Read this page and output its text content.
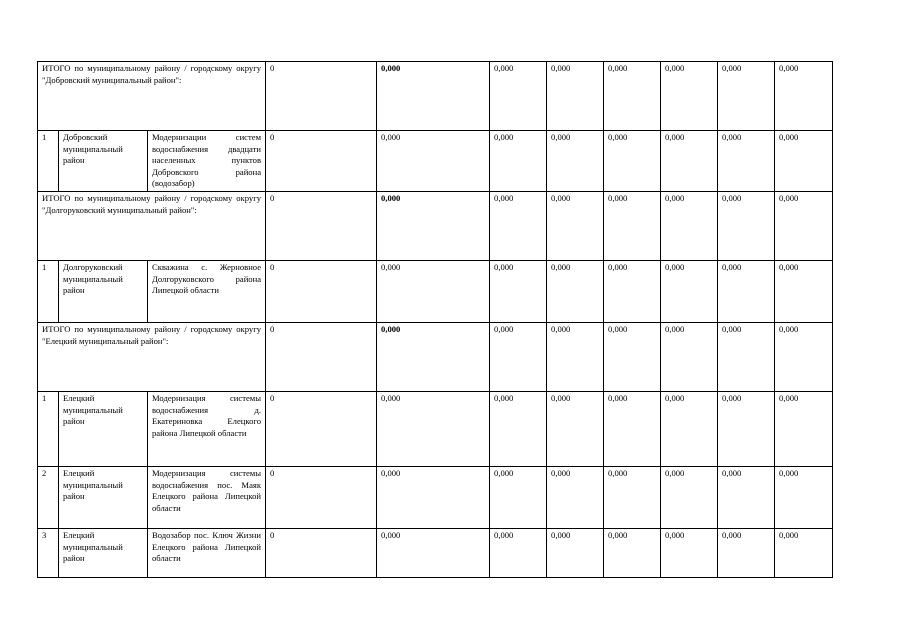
ИТОГО по муниципальному району / городскому округу "Добровский муниципальный район":			0	0,000	0,000	0,000	0,000	0,000	0,000	0,000
1	Добровский муниципальный район	Модернизации систем водоснабжения двадцати населенных пунктов Добровского района (водозабор)	0	0,000	0,000	0,000	0,000	0,000	0,000	0,000
ИТОГО по муниципальному району / городскому округу "Долгоруковский муниципальный район":			0	0,000	0,000	0,000	0,000	0,000	0,000	0,000
1	Долгоруковский муниципальный район	Скважина с. Жерновное Долгоруковского района Липецкой области	0	0,000	0,000	0,000	0,000	0,000	0,000	0,000
ИТОГО по муниципальному району / городскому округу "Елецкий муниципальный район":			0	0,000	0,000	0,000	0,000	0,000	0,000	0,000
1	Елецкий муниципальный район	Модернизация системы водоснабжения д. Екатериновка Елецкого района Липецкой области	0	0,000	0,000	0,000	0,000	0,000	0,000	0,000
2	Елецкий муниципальный район	Модернизация системы водоснабжения пос. Маяк Елецкого района Липецкой области	0	0,000	0,000	0,000	0,000	0,000	0,000	0,000
3	Елецкий муниципальный район	Водозабор пос. Ключ Жизни Елецкого района Липецкой области	0	0,000	0,000	0,000	0,000	0,000	0,000	0,000
